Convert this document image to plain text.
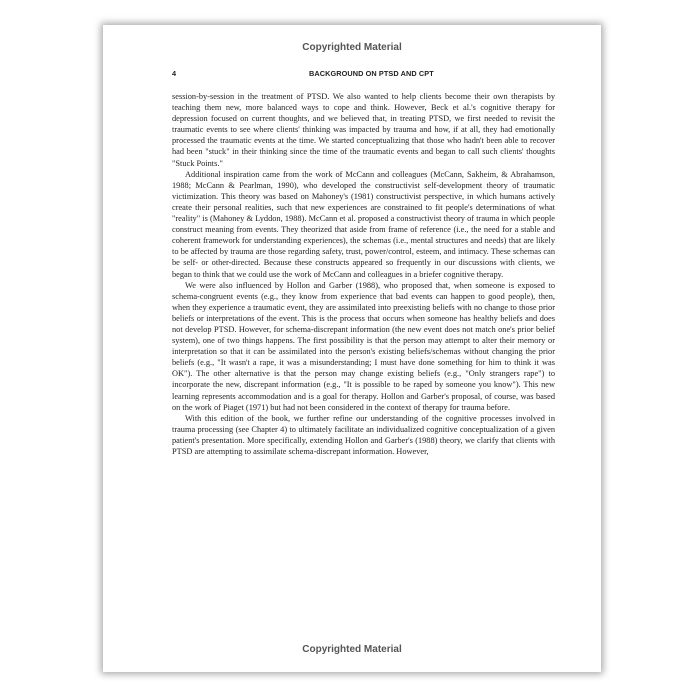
Copyrighted Material
4	BACKGROUND ON PTSD AND CPT

session-by-session in the treatment of PTSD. We also wanted to help clients become their own therapists by teaching them new, more balanced ways to cope and think. However, Beck et al.'s cognitive therapy for depression focused on current thoughts, and we believed that, in treating PTSD, we first needed to revisit the traumatic events to see where clients' thinking was impacted by trauma and how, if at all, they had emotionally processed the traumatic events at the time. We started conceptualizing that those who hadn't been able to recover had been "stuck" in their thinking since the time of the traumatic events and began to call such clients' thoughts "Stuck Points."

Additional inspiration came from the work of McCann and colleagues (McCann, Sakheim, & Abrahamson, 1988; McCann & Pearlman, 1990), who developed the constructivist self-development theory of traumatic victimization. This theory was based on Mahoney's (1981) constructivist perspective, in which humans actively create their personal realities, such that new experiences are constrained to fit people's determinations of what "reality" is (Mahoney & Lyddon, 1988). McCann et al. proposed a constructivist theory of trauma in which people construct meaning from events. They theorized that aside from frame of reference (i.e., the need for a stable and coherent framework for understanding experiences), the schemas (i.e., mental structures and needs) that are likely to be affected by trauma are those regarding safety, trust, power/control, esteem, and intimacy. These schemas can be self- or other-directed. Because these constructs appeared so frequently in our discussions with clients, we began to think that we could use the work of McCann and colleagues in a briefer cognitive therapy.

We were also influenced by Hollon and Garber (1988), who proposed that, when someone is exposed to schema-congruent events (e.g., they know from experience that bad events can happen to good people), then, when they experience a traumatic event, they are assimilated into preexisting beliefs with no change to those prior beliefs or interpretations of the event. This is the process that occurs when someone has healthy beliefs and does not develop PTSD. However, for schema-discrepant information (the new event does not match one's prior belief system), one of two things happens. The first possibility is that the person may attempt to alter their memory or interpretation so that it can be assimilated into the person's existing beliefs/schemas without changing the prior beliefs (e.g., "It wasn't a rape, it was a misunderstanding; I must have done something for him to think it was OK"). The other alternative is that the person may change existing beliefs (e.g., "Only strangers rape") to incorporate the new, discrepant information (e.g., "It is possible to be raped by someone you know"). This new learning represents accommodation and is a goal for therapy. Hollon and Garber's proposal, of course, was based on the work of Piaget (1971) but had not been considered in the context of therapy for trauma before.

With this edition of the book, we further refine our understanding of the cognitive processes involved in trauma processing (see Chapter 4) to ultimately facilitate an individualized cognitive conceptualization of a given patient's presentation. More specifically, extending Hollon and Garber's (1988) theory, we clarify that clients with PTSD are attempting to assimilate schema-discrepant information. However,

Copyrighted Material
